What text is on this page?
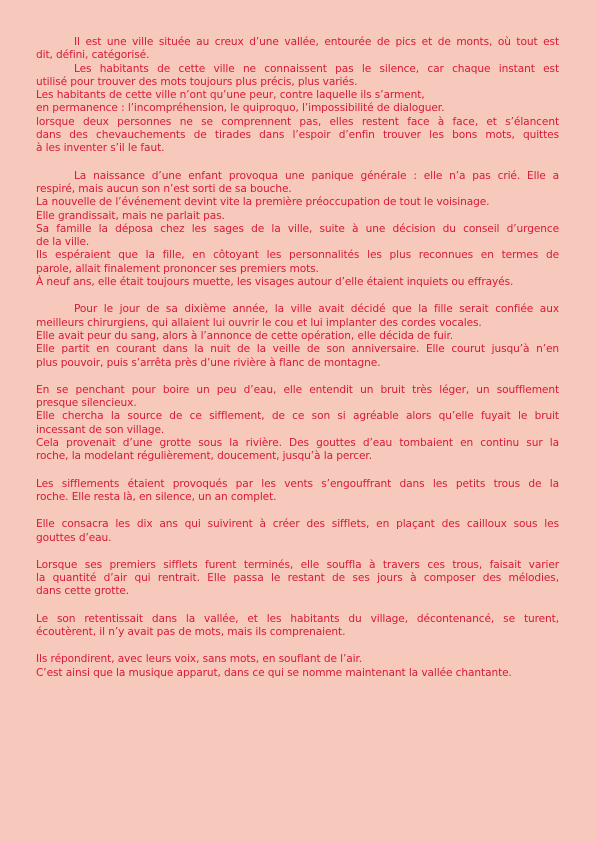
Il est une ville située au creux d’une vallée, entourée de pics et de monts, où tout est
dit, défini, catégorisé.
Les habitants de cette ville ne connaissent pas le silence, car chaque instant est
utilisé pour trouver des mots toujours plus précis, plus variés.
Les habitants de cette ville n’ont qu’une peur, contre laquelle ils s’arment,
en permanence : l’incompréhension, le quiproquo, l’impossibilité de dialoguer.
lorsque deux personnes ne se comprennent pas, elles restent face à face, et s’élancent
dans des chevauchements de tirades dans l’espoir d’enfin trouver les bons mots, quittes
à les inventer s’il le faut.

La naissance d’une enfant provoqua une panique générale : elle n’a pas crié. Elle a
respiré, mais aucun son n’est sorti de sa bouche.
La nouvelle de l’événement devint vite la première préoccupation de tout le voisinage.
Elle grandissait, mais ne parlait pas.
Sa famille la déposa chez les sages de la ville, suite à une décision du conseil d’urgence
de la ville.
Ils espéraient que la fille, en côtoyant les personnalités les plus reconnues en termes de
parole, allait finalement prononcer ses premiers mots.
À neuf ans, elle était toujours muette, les visages autour d’elle étaient inquiets ou effrayés.

Pour le jour de sa dixième année, la ville avait décidé que la fille serait confiée aux
meilleurs chirurgiens, qui allaient lui ouvrir le cou et lui implanter des cordes vocales.
Elle avait peur du sang, alors à l’annonce de cette opération, elle décida de fuir.
Elle partit en courant dans la nuit de la veille de son anniversaire. Elle courut jusqu’à n’en
plus pouvoir, puis s’arrêta près d’une rivière à flanc de montagne.

En se penchant pour boire un peu d’eau, elle entendit un bruit très léger, un soufflement
presque silencieux.
Elle chercha la source de ce sifflement, de ce son si agréable alors qu’elle fuyait le bruit
incessant de son village.
Cela provenait d’une grotte sous la rivière. Des gouttes d’eau tombaient en continu sur la
roche, la modelant régulièrement, doucement, jusqu’à la percer.

Les sifflements étaient provoqués par les vents s’engouffrant dans les petits trous de la
roche. Elle resta là, en silence, un an complet.

Elle consacra les dix ans qui suivirent à créer des sifflets, en plaçant des cailloux sous les
gouttes d’eau.

Lorsque ses premiers sifflets furent terminés, elle souffla à travers ces trous, faisait varier
la quantité d’air qui rentrait. Elle passa le restant de ses jours à composer des mélodies,
dans cette grotte.

Le son retentissait dans la vallée, et les habitants du village, décontenancé, se turent,
écoutèrent, il n’y avait pas de mots, mais ils comprenaient.

Ils répondirent, avec leurs voix, sans mots, en souflant de l’air.
C’est ainsi que la musique apparut, dans ce qui se nomme maintenant la vallée chantante.
